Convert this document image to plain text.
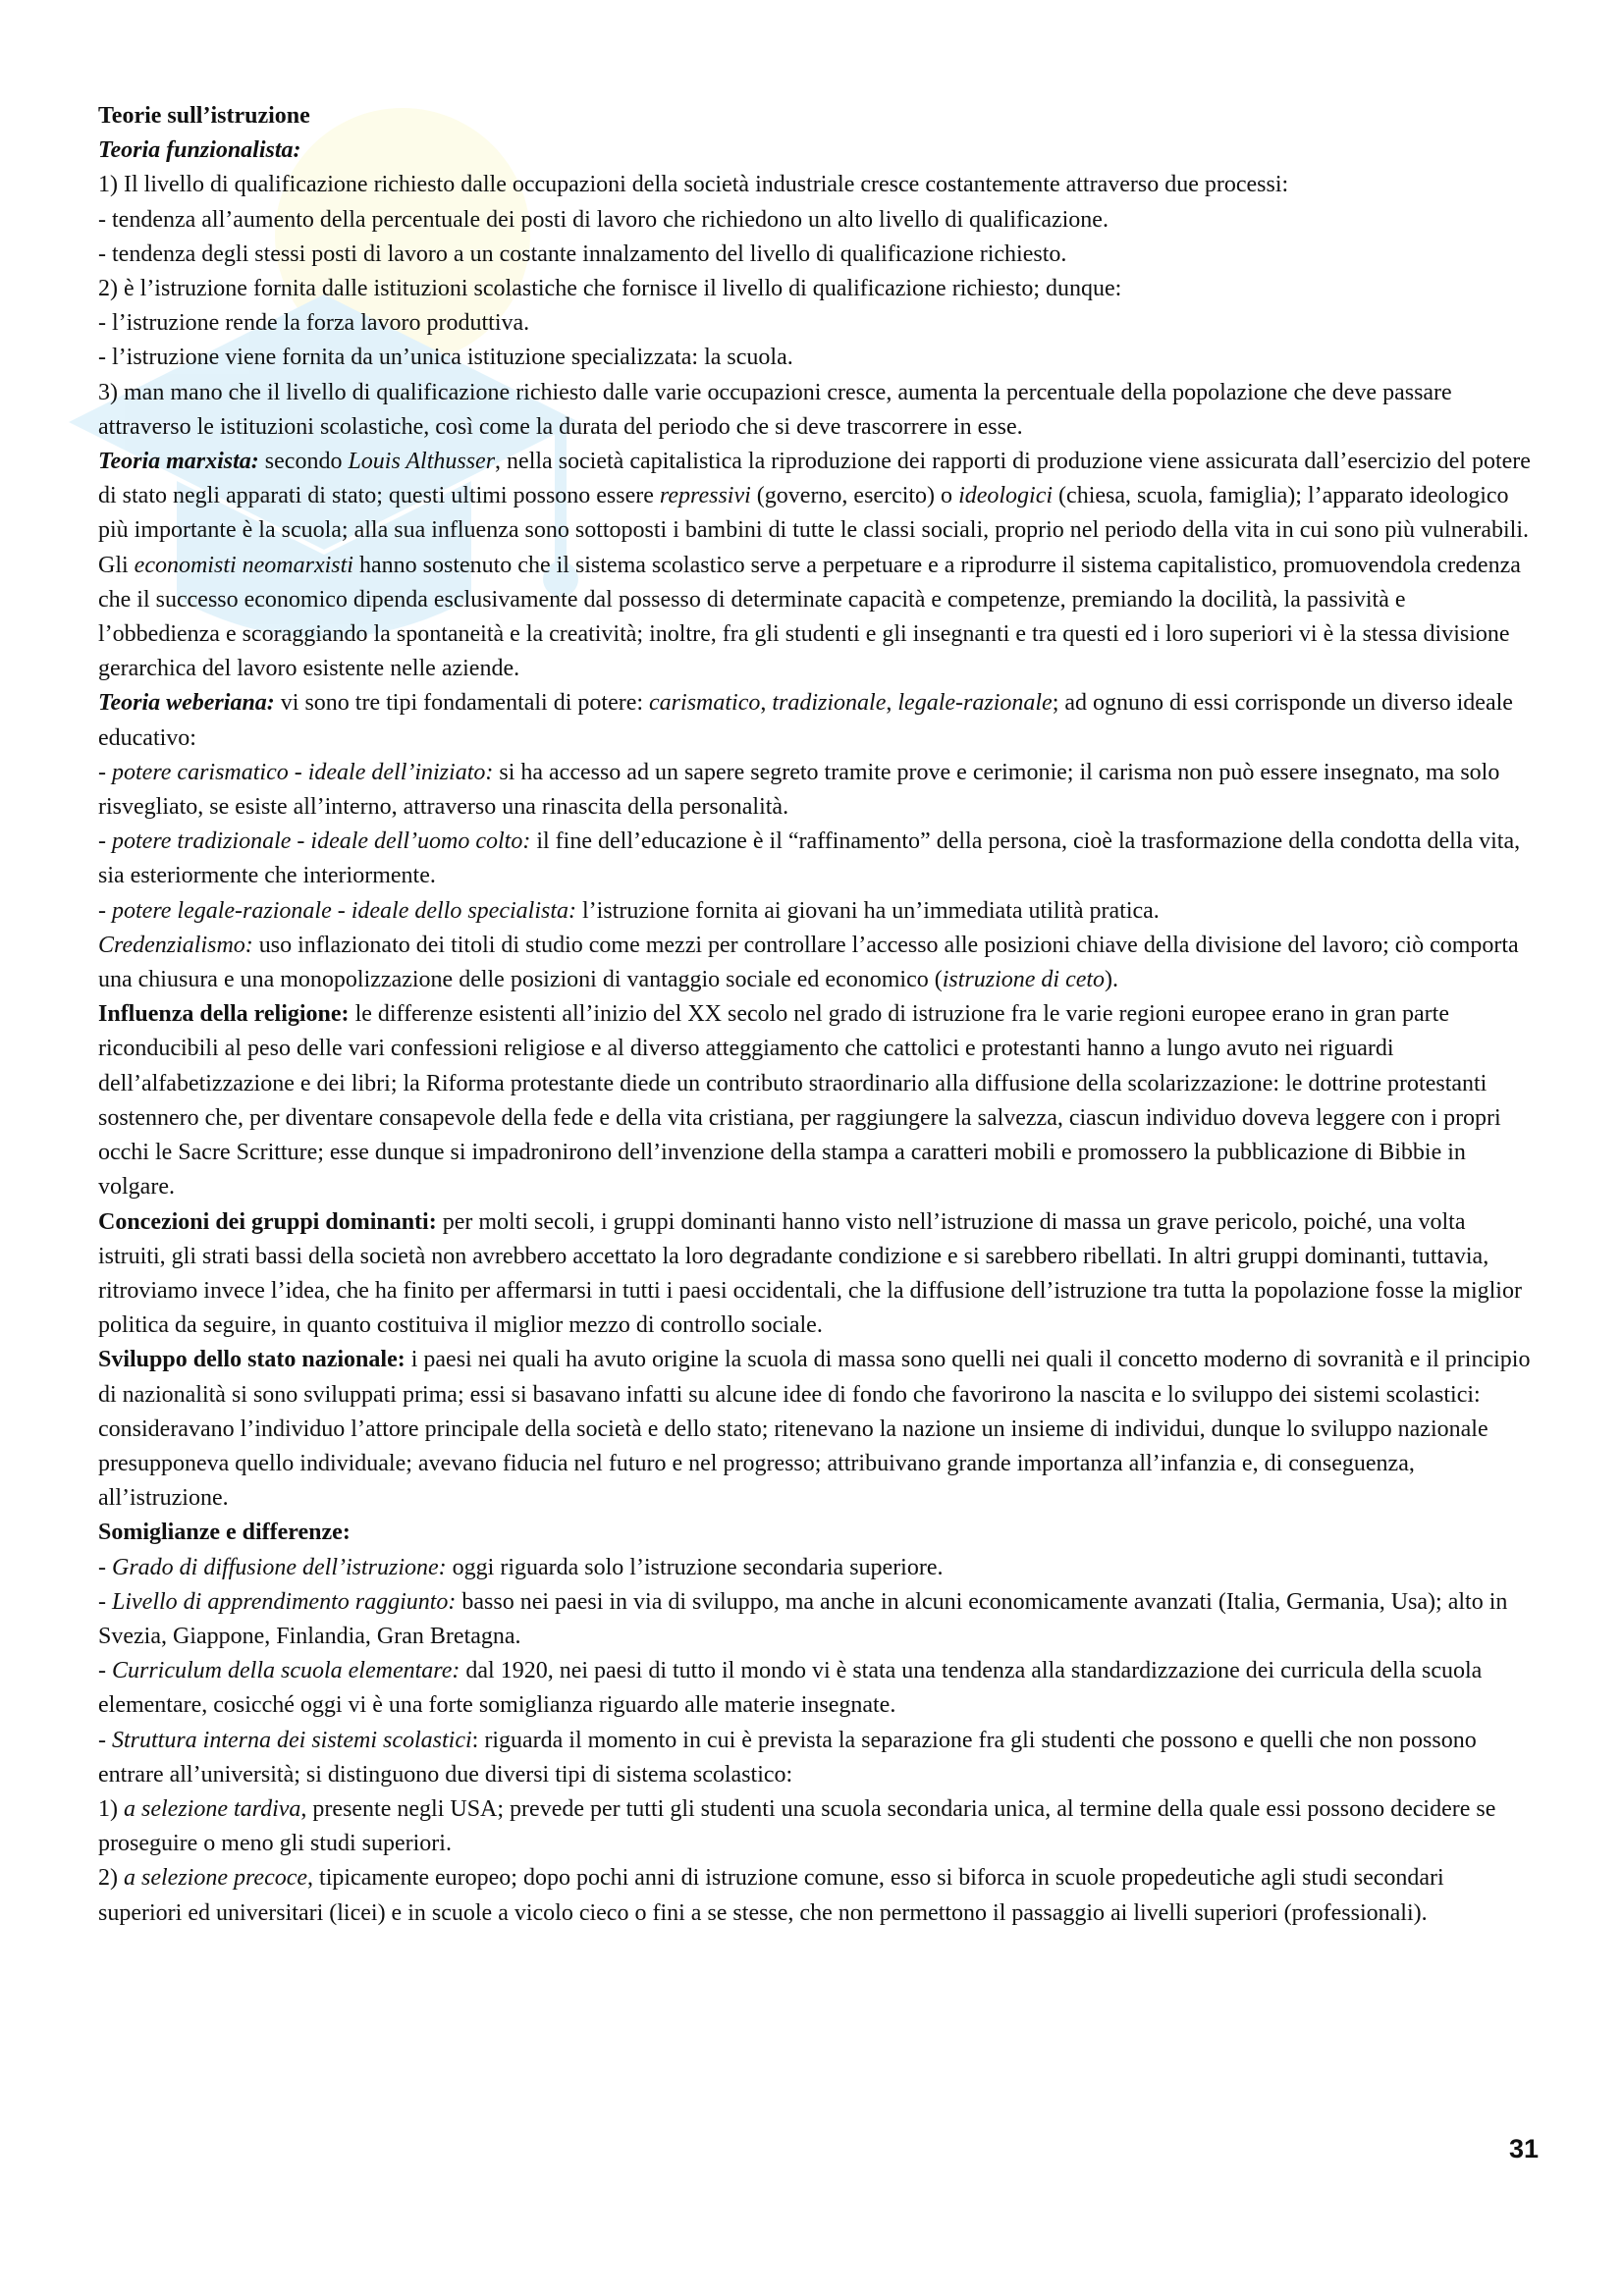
Teorie sull’istruzione

Teoria funzionalista:

1) Il livello di qualificazione richiesto dalle occupazioni della società industriale cresce costantemente attraverso due processi:

- tendenza all’aumento della percentuale dei posti di lavoro che richiedono un alto livello di qualificazione.

- tendenza degli stessi posti di lavoro a un costante innalzamento del livello di qualificazione richiesto.

2) è l’istruzione fornita dalle istituzioni scolastiche che fornisce il livello di qualificazione richiesto; dunque:

- l’istruzione rende la forza lavoro produttiva.

- l’istruzione viene fornita da un’unica istituzione specializzata: la scuola.

3) man mano che il livello di qualificazione richiesto dalle varie occupazioni cresce, aumenta la percentuale della popolazione che deve passare attraverso le istituzioni scolastiche, così come la durata del periodo che si deve trascorrere in esse.

Teoria marxista: secondo Louis Althusser, nella società capitalistica la riproduzione dei rapporti di produzione viene assicurata dall’esercizio del potere di stato negli apparati di stato; questi ultimi possono essere repressivi (governo, esercito) o ideologici (chiesa, scuola, famiglia); l’apparato ideologico più importante è la scuola; alla sua influenza sono sottoposti i bambini di tutte le classi sociali, proprio nel periodo della vita in cui sono più vulnerabili.

Gli economisti neomarxisti hanno sostenuto che il sistema scolastico serve a perpetuare e a riprodurre il sistema capitalistico, promuovendola credenza che il successo economico dipenda esclusivamente dal possesso di determinate capacità e competenze, premiando la docilità, la passività e l’obbedienza e scoraggiando la spontaneità e la creatività; inoltre, fra gli studenti e gli insegnanti e tra questi ed i loro superiori vi è la stessa divisione gerarchica del lavoro esistente nelle aziende.

Teoria weberiana: vi sono tre tipi fondamentali di potere: carismatico, tradizionale, legale-razionale; ad ognuno di essi corrisponde un diverso ideale educativo:

- potere carismatico - ideale dell’iniziato: si ha accesso ad un sapere segreto tramite prove e cerimonie; il carisma non può essere insegnato, ma solo risvegliato, se esiste all’interno, attraverso una rinascita della personalità.

- potere tradizionale - ideale dell’uomo colto: il fine dell’educazione è il “raffinamento” della persona, cioè la trasformazione della condotta della vita, sia esteriormente che interiormente.

- potere legale-razionale - ideale dello specialista: l’istruzione fornita ai giovani ha un’immediata utilità pratica.

Credenzialismo: uso inflazionato dei titoli di studio come mezzi per controllare l’accesso alle posizioni chiave della divisione del lavoro; ciò comporta una chiusura e una monopolizzazione delle posizioni di vantaggio sociale ed economico (istruzione di ceto).

Influenza della religione: le differenze esistenti all’inizio del XX secolo nel grado di istruzione fra le varie regioni europee erano in gran parte riconducibili al peso delle vari confessioni religiose e al diverso atteggiamento che cattolici e protestanti hanno a lungo avuto nei riguardi dell’alfabetizzazione e dei libri; la Riforma protestante diede un contributo straordinario alla diffusione della scolarizzazione: le dottrine protestanti sostennero che, per diventare consapevole della fede e della vita cristiana, per raggiungere la salvezza, ciascun individuo doveva leggere con i propri occhi le Sacre Scritture; esse dunque si impadronirono dell’invenzione della stampa a caratteri mobili e promossero la pubblicazione di Bibbie in volgare.

Concezioni dei gruppi dominanti: per molti secoli, i gruppi dominanti hanno visto nell’istruzione di massa un grave pericolo, poiché, una volta istruiti, gli strati bassi della società non avrebbero accettato la loro degradante condizione e si sarebbero ribellati. In altri gruppi dominanti, tuttavia, ritroviamo invece l’idea, che ha finito per affermarsi in tutti i paesi occidentali, che la diffusione dell’istruzione tra tutta la popolazione fosse la miglior politica da seguire, in quanto costituiva il miglior mezzo di controllo sociale.

Sviluppo dello stato nazionale: i paesi nei quali ha avuto origine la scuola di massa sono quelli nei quali il concetto moderno di sovranità e il principio di nazionalità si sono sviluppati prima; essi si basavano infatti su alcune idee di fondo che favorirono la nascita e lo sviluppo dei sistemi scolastici: consideravano l’individuo l’attore principale della società e dello stato; ritenevano la nazione un insieme di individui, dunque lo sviluppo nazionale presupponeva quello individuale; avevano fiducia nel futuro e nel progresso; attribuivano grande importanza all’infanzia e, di conseguenza, all’istruzione.

Somiglianze e differenze:

- Grado di diffusione dell’istruzione: oggi riguarda solo l’istruzione secondaria superiore.

- Livello di apprendimento raggiunto: basso nei paesi in via di sviluppo, ma anche in alcuni economicamente avanzati (Italia, Germania, Usa); alto in Svezia, Giappone, Finlandia, Gran Bretagna.

- Curriculum della scuola elementare: dal 1920, nei paesi di tutto il mondo vi è stata una tendenza alla standardizzazione dei curricula della scuola elementare, cosicché oggi vi è una forte somiglianza riguardo alle materie insegnate.

- Struttura interna dei sistemi scolastici: riguarda il momento in cui è prevista la separazione fra gli studenti che possono e quelli che non possono entrare all’università; si distinguono due diversi tipi di sistema scolastico:

1) a selezione tardiva, presente negli USA; prevede per tutti gli studenti una scuola secondaria unica, al termine della quale essi possono decidere se proseguire o meno gli studi superiori.

2) a selezione precoce, tipicamente europeo; dopo pochi anni di istruzione comune, esso si biforca in scuole propedeutiche agli studi secondari superiori ed universitari (licei) e in scuole a vicolo cieco o fini a se stesse, che non permettono il passaggio ai livelli superiori (professionali).

31
